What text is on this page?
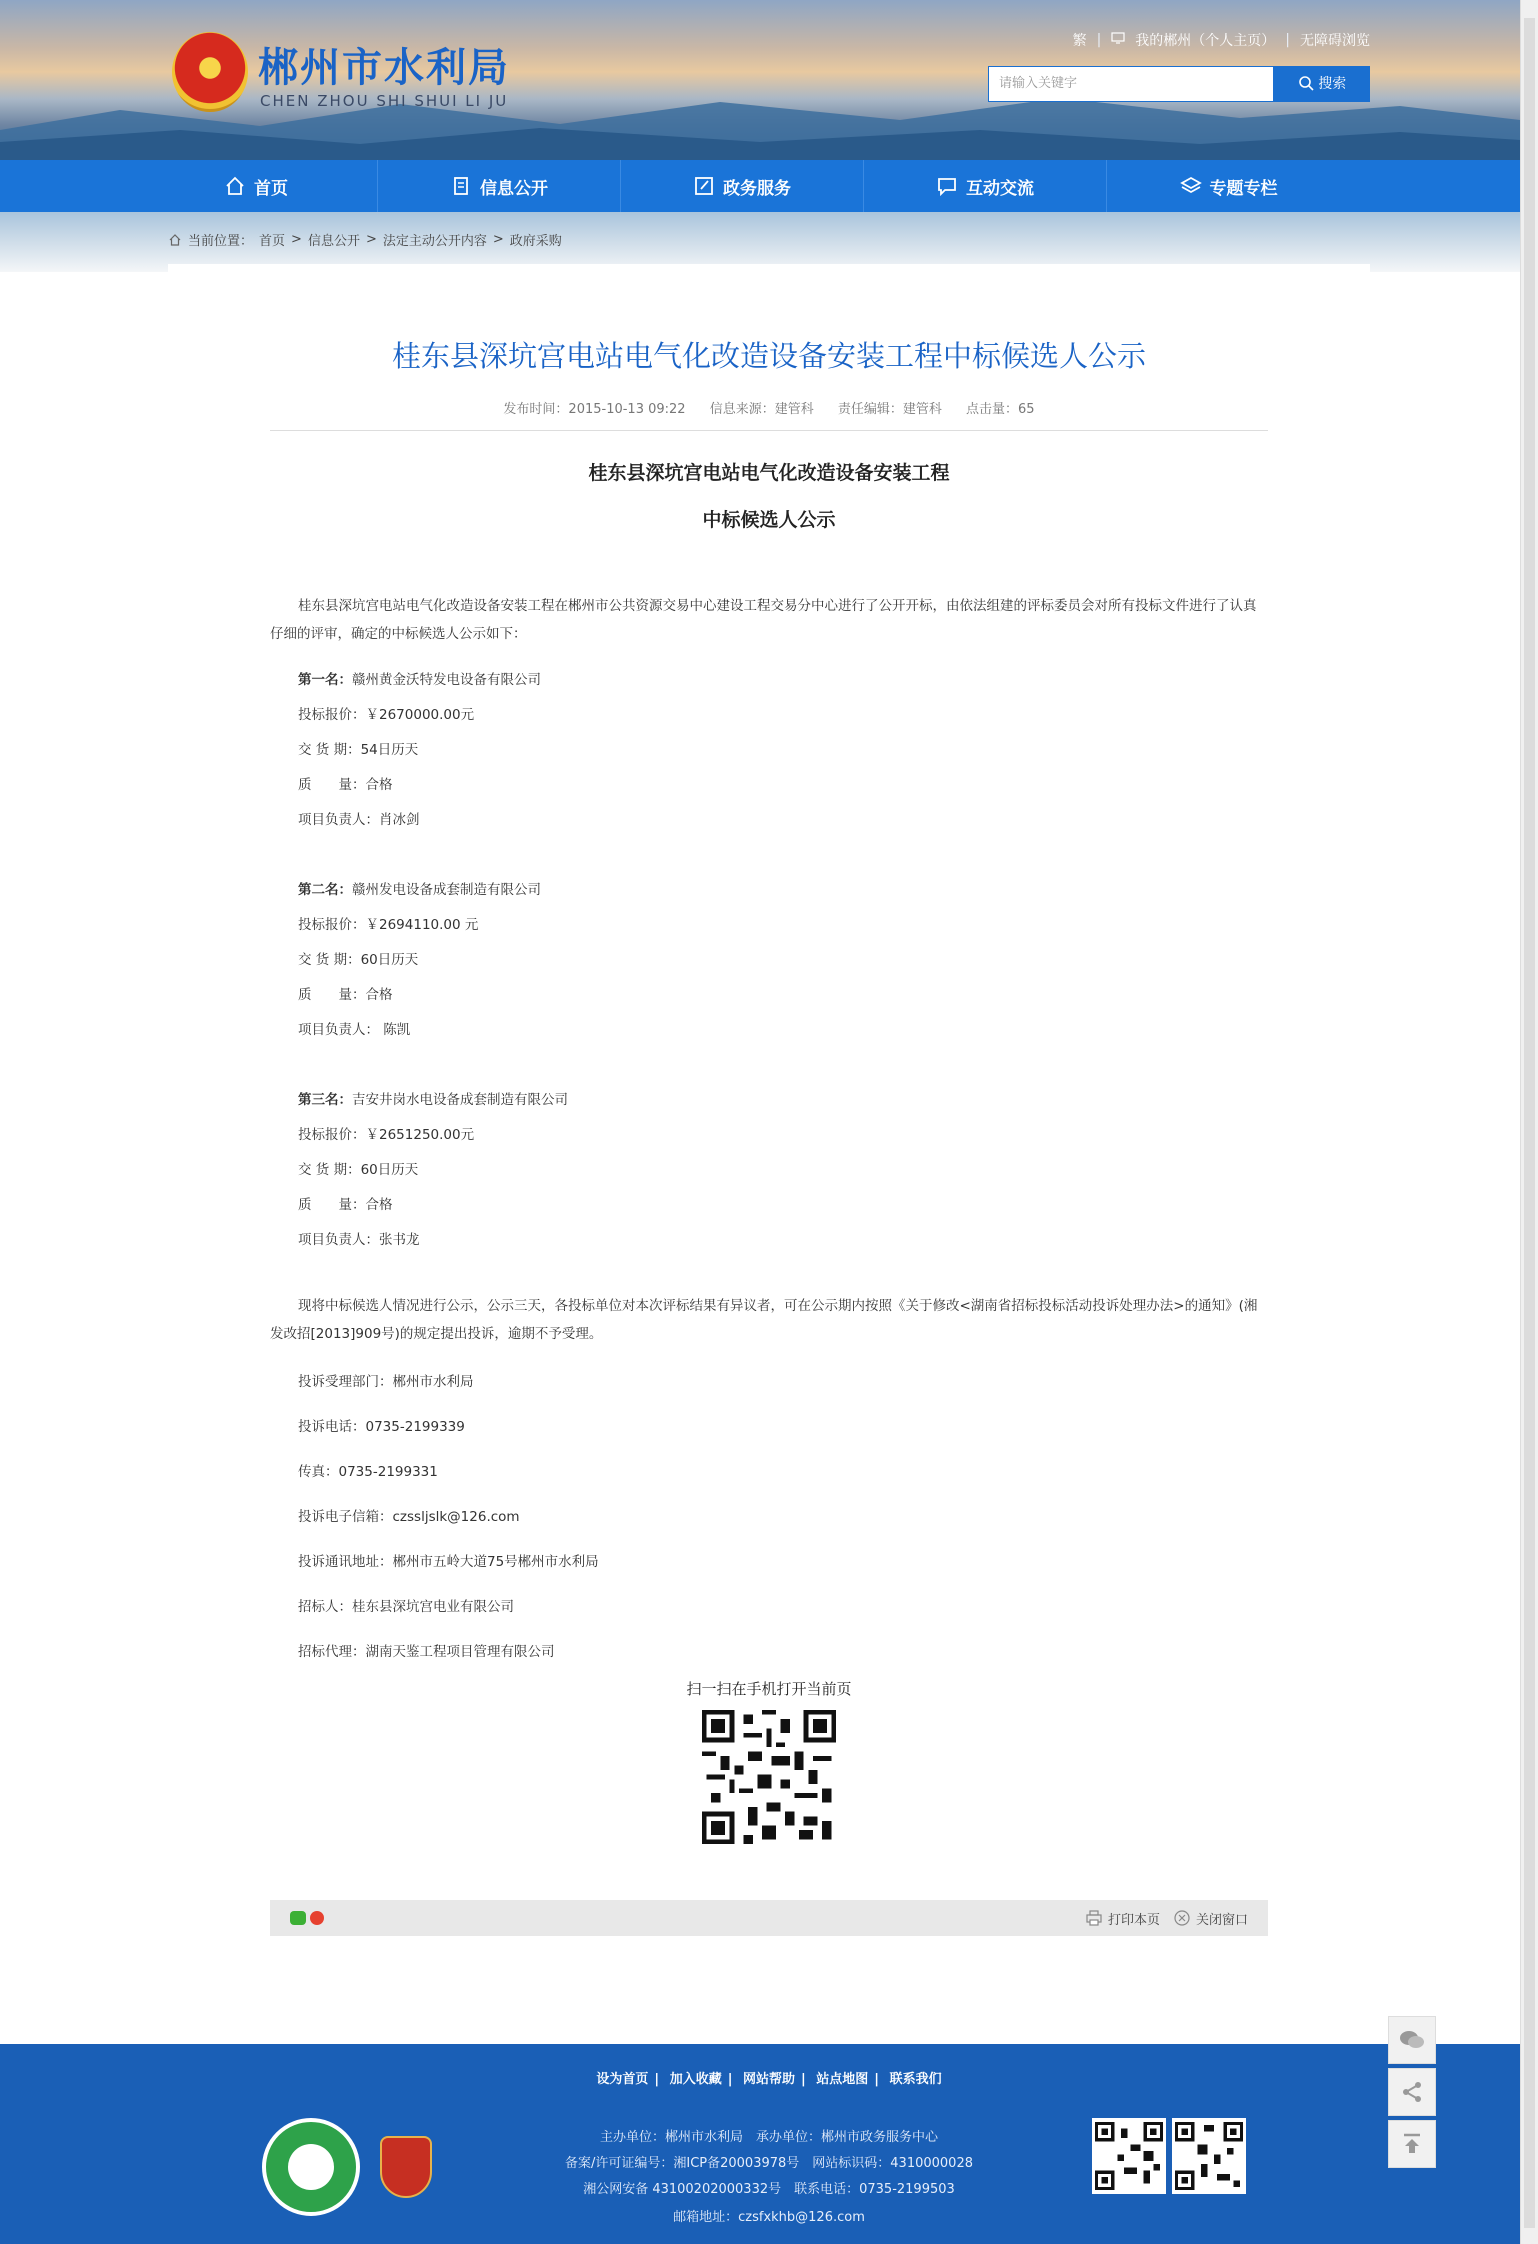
郴州市水利局
CHEN ZHOU SHI SHUI LI JU
繁 | 我的郴州（个人主页） | 无障碍浏览
请输入关键字	搜索
首页	信息公开	政务服务	互动交流	专题专栏
当前位置： 首页 > 信息公开 > 法定主动公开内容 > 政府采购
桂东县深坑宫电站电气化改造设备安装工程中标候选人公示
发布时间：2015-10-13 09:22 信息来源：建管科 责任编辑：建管科 点击量：65
桂东县深坑宫电站电气化改造设备安装工程
中标候选人公示
桂东县深坑宫电站电气化改造设备安装工程在郴州市公共资源交易中心建设工程交易分中心进行了公开开标，由依法组建的评标委员会对所有投标文件进行了认真仔细的评审，确定的中标候选人公示如下：
第一名：赣州黄金沃特发电设备有限公司
投标报价：￥2670000.00元
交 货 期：54日历天
质　　量：合格
项目负责人：肖冰剑
第二名：赣州发电设备成套制造有限公司
投标报价：￥2694110.00 元
交 货 期：60日历天
质　　量：合格
项目负责人： 陈凯
第三名：吉安井岗水电设备成套制造有限公司
投标报价：￥2651250.00元
交 货 期：60日历天
质　　量：合格
项目负责人：张书龙
现将中标候选人情况进行公示，公示三天，各投标单位对本次评标结果有异议者，可在公示期内按照《关于修改<湖南省招标投标活动投诉处理办法>的通知》(湘发改招[2013]909号)的规定提出投诉，逾期不予受理。
投诉受理部门：郴州市水利局
投诉电话：0735-2199339
传真：0735-2199331
投诉电子信箱：czssljslk@126.com
投诉通讯地址：郴州市五岭大道75号郴州市水利局
招标人：桂东县深坑宫电业有限公司
招标代理：湖南天鉴工程项目管理有限公司
扫一扫在手机打开当前页
打印本页	关闭窗口
设为首页 | 加入收藏 | 网站帮助 | 站点地图 | 联系我们
主办单位：郴州市水利局　承办单位：郴州市政务服务中心
备案/许可证编号：湘ICP备20003978号　网站标识码：4310000028
湘公网安备 43100202000332号　联系电话：0735-2199503
邮箱地址：czsfxkhb@126.com
